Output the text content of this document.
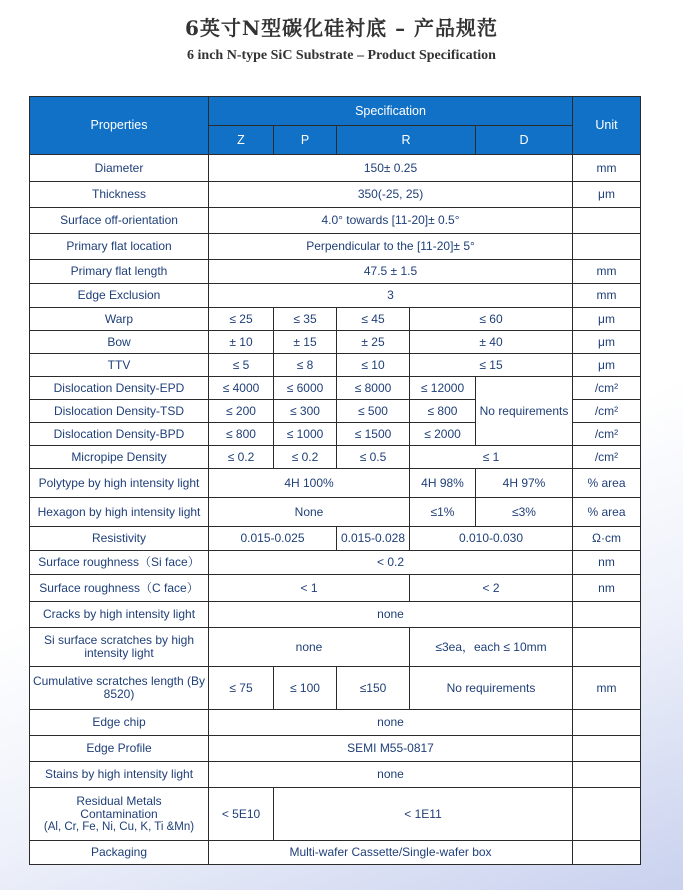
6英寸N型碳化硅衬底 – 产品规范
6 inch N-type SiC Substrate – Product Specification
Properties	Specification					Unit
	Z	P	R		D	
Diameter	150± 0.25					mm
Thickness	350(-25, 25)					μm
Surface off-orientation	4.0° towards [11-20]± 0.5°					
Primary flat location	Perpendicular to the [11-20]± 5°					
Primary flat length	47.5 ± 1.5					mm
Edge Exclusion	3					mm
Warp	≤ 25	≤ 35	≤ 45	≤ 60		μm
Bow	± 10	± 15	± 25	± 40		μm
TTV	≤ 5	≤ 8	≤ 10	≤ 15		μm
Dislocation Density-EPD	≤ 4000	≤ 6000	≤ 8000	≤ 12000	No requirements	/cm²
Dislocation Density-TSD	≤ 200	≤ 300	≤ 500	≤ 800		/cm²
Dislocation Density-BPD	≤ 800	≤ 1000	≤ 1500	≤ 2000		/cm²
Micropipe Density	≤ 0.2	≤ 0.2	≤ 0.5	≤ 1		/cm²
Polytype by high intensity light	4H 100%			4H 98%	4H 97%	% area
Hexagon by high intensity light	None			≤1%	≤3%	% area
Resistivity	0.015-0.025		0.015-0.028	0.010-0.030		Ω·cm
Surface roughness（Si face）	< 0.2					nm
Surface roughness（C face）	< 1			< 2		nm
Cracks by high intensity light	none					
Si surface scratches by high intensity light	none			≤3ea，each ≤ 10mm		
Cumulative scratches length (By 8520)	≤ 75	≤ 100	≤150	No requirements		mm
Edge chip	none					
Edge Profile	SEMI M55-0817					
Stains by high intensity light	none					

Residual Metals
Contamination
(Al, Cr, Fe, Ni, Cu, K, Ti &Mn)	< 5E10	< 1E11				
Packaging	Multi-wafer Cassette/Single-wafer box					
